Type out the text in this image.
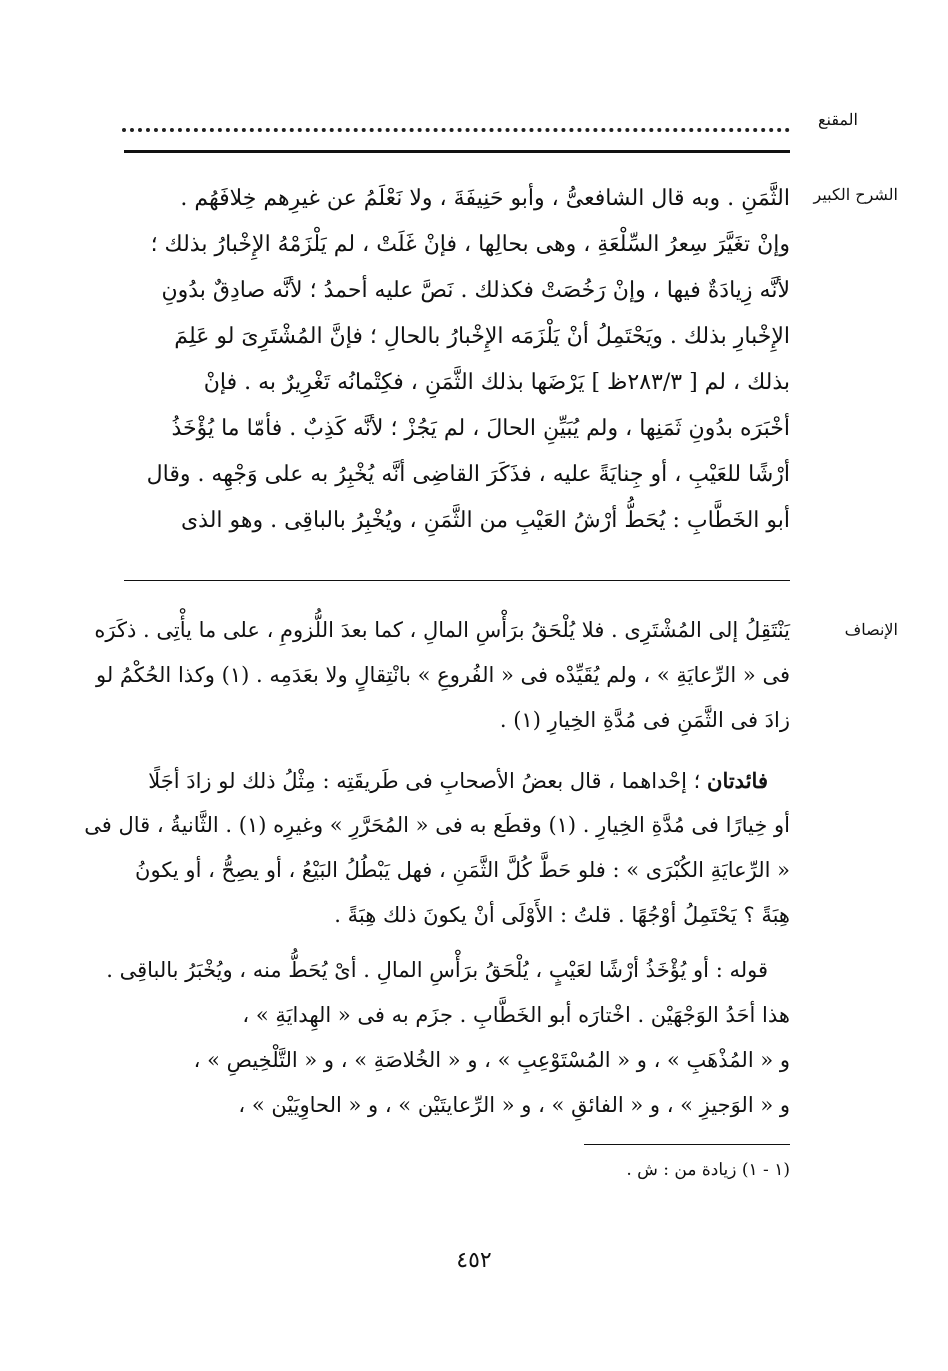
المقنع
الشرح الكبير
الثَّمَنِ . وبه قال الشافعىُّ ، وأبو حَنِيفَةَ ، ولا نَعْلَمُ عن غيرِهم خِلافَهُم .
وإنْ تغَيَّرَ سِعرُ السِّلْعَةِ ، وهى بحالِها ، فإنْ غَلَتْ ، لم يَلْزَمْهُ الإِخْبارُ بذلك ؛
لأنَّه زِيادَةٌ فيها ، وإنْ رَخُصَتْ فكذلك . نَصَّ عليه أحمدُ ؛ لأنَّه صادِقٌ بدُونِ
الإِخْبارِ بذلك . ويَحْتَمِلُ أنْ يَلْزَمَه الإِخْبارُ بالحالِ ؛ فإنَّ المُشْتَرِىَ لو عَلِمَ
بذلك ، لم [ ٢٨٣/٣ظ ] يَرْضَها بذلك الثَّمَنِ ، فكِتْمانُه تَغْرِيرٌ به . فإنْ
أخْبَرَه بدُونِ ثَمَنِها ، ولم يُبَيِّنِ الحالَ ، لم يَجُزْ ؛ لأنَّه كَذِبٌ . فأمّا ما يُؤْخَذُ
أرْشًا للعَيْبِ ، أو جِنايَةً عليه ، فذَكَرَ القاضِى أنَّه يُخْبِرُ به على وَجْهِه . وقال
أبو الخَطَّابِ : يُحَطُّ أرْشُ العَيْبِ من الثَّمَنِ ، ويُخْبِرُ بالباقِى . وهو الذى
الإنصاف
يَنْتَقِلُ إلى المُشْتَرِى . فلا يُلْحَقُ برَأْسِ المالِ ، كما بعدَ اللُّزومِ ، على ما يأْتِى . ذكَرَه
فى « الرِّعايَةِ » ، ولم يُقَيِّدْه فى « الفُروعِ » بانْتِقالٍ ولا بعَدَمِه . (١) وكذا الحُكْمُ لو
زادَ فى الثَّمَنِ فى مُدَّةِ الخِيارِ (١) .
فائدتان ؛ إحْداهما ، قال بعضُ الأصحابِ فى طَريقَتِه : مِثْلُ ذلك لو زادَ أجَلًا
أو خِيارًا فى مُدَّةِ الخِيارِ . (١) وقطَع به فى « المُحَرَّرِ » وغيرِه (١) . الثَّانيةُ ، قال فى
« الرِّعايَةِ الكُبْرَى » : فلو حَطَّ كُلَّ الثَّمَنِ ، فهل يَبْطُلُ البَيْعُ ، أو يصِحُّ ، أو يكونُ
هِبَةً ؟ يَحْتَمِلُ أوْجُهًا . قلتُ : الأَوْلَى أنْ يكونَ ذلك هِبَةً .
قوله : أو يُؤْخَذُ أرْشًا لعَيْبٍ ، يُلْحَقُ برَأْسِ المالِ . أىْ يُحَطُّ منه ، ويُخْبَرُ بالباقِى .
هذا أحَدُ الوَجْهَيْن . اخْتارَه أبو الخَطَّابِ . جزَم به فى « الهِدايَةِ » ،
و « المُذْهَبِ » ، و « المُسْتَوْعِبِ » ، و « الخُلاصَةِ » ، و « التَّلْخِيصِ » ،
و « الوَجيزِ » ، و « الفائقِ » ، و « الرِّعايتَيْن » ، و « الحاوِيَيْن » ،
(١ - ١) زيادة من : ش .
٤٥٢
